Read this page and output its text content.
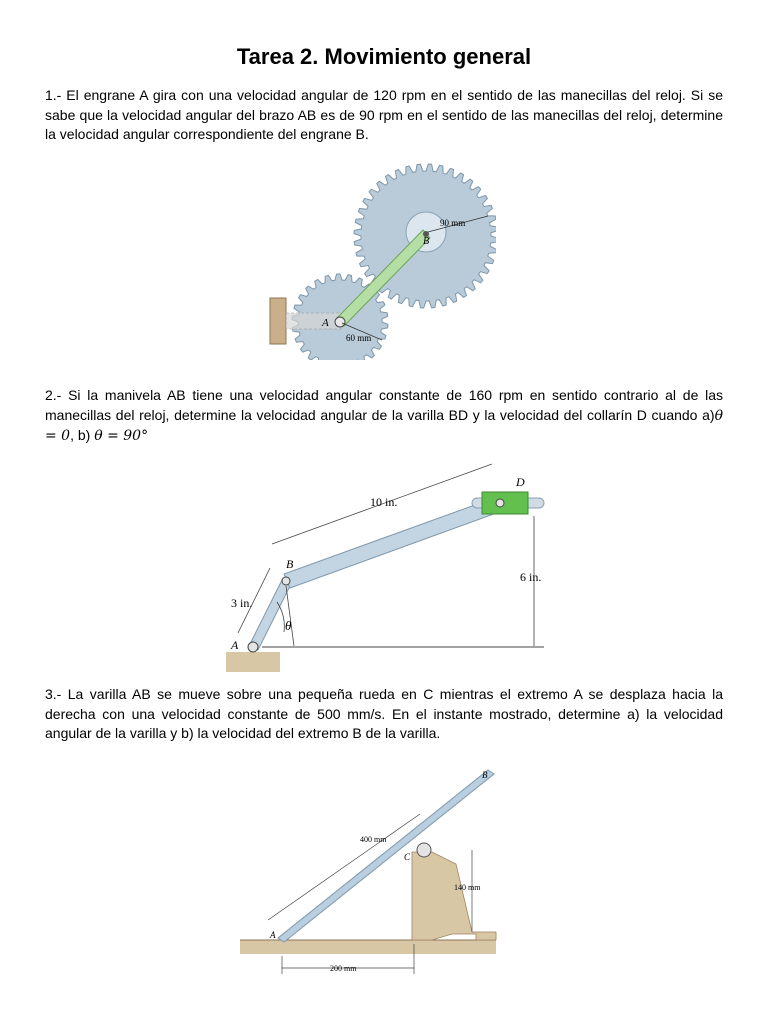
Tarea 2. Movimiento general
1.- El engrane A gira con una velocidad angular de 120 rpm en el sentido de las manecillas del reloj. Si se sabe que la velocidad angular del brazo AB es de 90 rpm en el sentido de las manecillas del reloj, determine la velocidad angular correspondiente del engrane B.
A
B
90 mm
60 mm
2.- Si la manivela AB tiene una velocidad angular constante de 160 rpm en sentido contrario al de las manecillas del reloj, determine la velocidad angular de la varilla BD y la velocidad del collarín D cuando a)θ = 0, b) θ = 90°
A
B
D
θ
3 in.
10 in.
6 in.
3.- La varilla AB se mueve sobre una pequeña rueda en C mientras el extremo A se desplaza hacia la derecha con una velocidad constante de 500 mm/s. En el instante mostrado, determine a) la velocidad angular de la varilla y b) la velocidad del extremo B de la varilla.
A
B
C
400 mm
140 mm
200 mm
